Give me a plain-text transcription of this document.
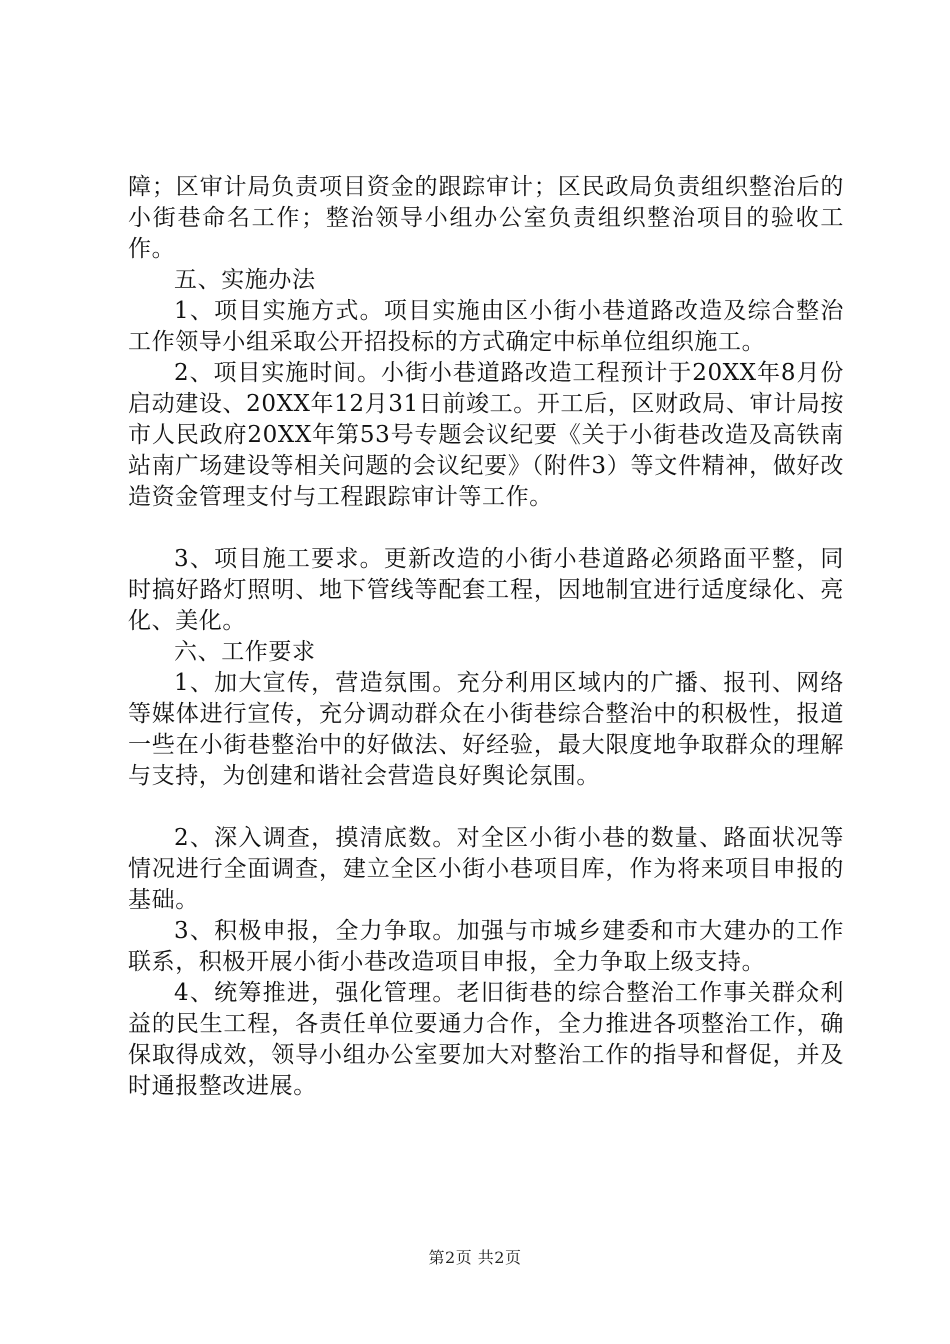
障；区审计局负责项目资金的跟踪审计；区民政局负责组织整治后的小街巷命名工作；整治领导小组办公室负责组织整治项目的验收工作。

五、实施办法

1、项目实施方式。项目实施由区小街小巷道路改造及综合整治工作领导小组采取公开招投标的方式确定中标单位组织施工。

2、项目实施时间。小街小巷道路改造工程预计于20XX年8月份启动建设、20XX年12月31日前竣工。开工后，区财政局、审计局按市人民政府20XX年第53号专题会议纪要《关于小街巷改造及高铁南站南广场建设等相关问题的会议纪要》（附件3）等文件精神，做好改造资金管理支付与工程跟踪审计等工作。

3、项目施工要求。更新改造的小街小巷道路必须路面平整，同时搞好路灯照明、地下管线等配套工程，因地制宜进行适度绿化、亮化、美化。

六、工作要求

1、加大宣传，营造氛围。充分利用区域内的广播、报刊、网络等媒体进行宣传，充分调动群众在小街巷综合整治中的积极性，报道一些在小街巷整治中的好做法、好经验，最大限度地争取群众的理解与支持，为创建和谐社会营造良好舆论氛围。

2、深入调查，摸清底数。对全区小街小巷的数量、路面状况等情况进行全面调查，建立全区小街小巷项目库，作为将来项目申报的基础。

3、积极申报，全力争取。加强与市城乡建委和市大建办的工作联系，积极开展小街小巷改造项目申报，全力争取上级支持。

4、统筹推进，强化管理。老旧街巷的综合整治工作事关群众利益的民生工程，各责任单位要通力合作，全力推进各项整治工作，确保取得成效，领导小组办公室要加大对整治工作的指导和督促，并及时通报整改进展。

第2页 共2页
